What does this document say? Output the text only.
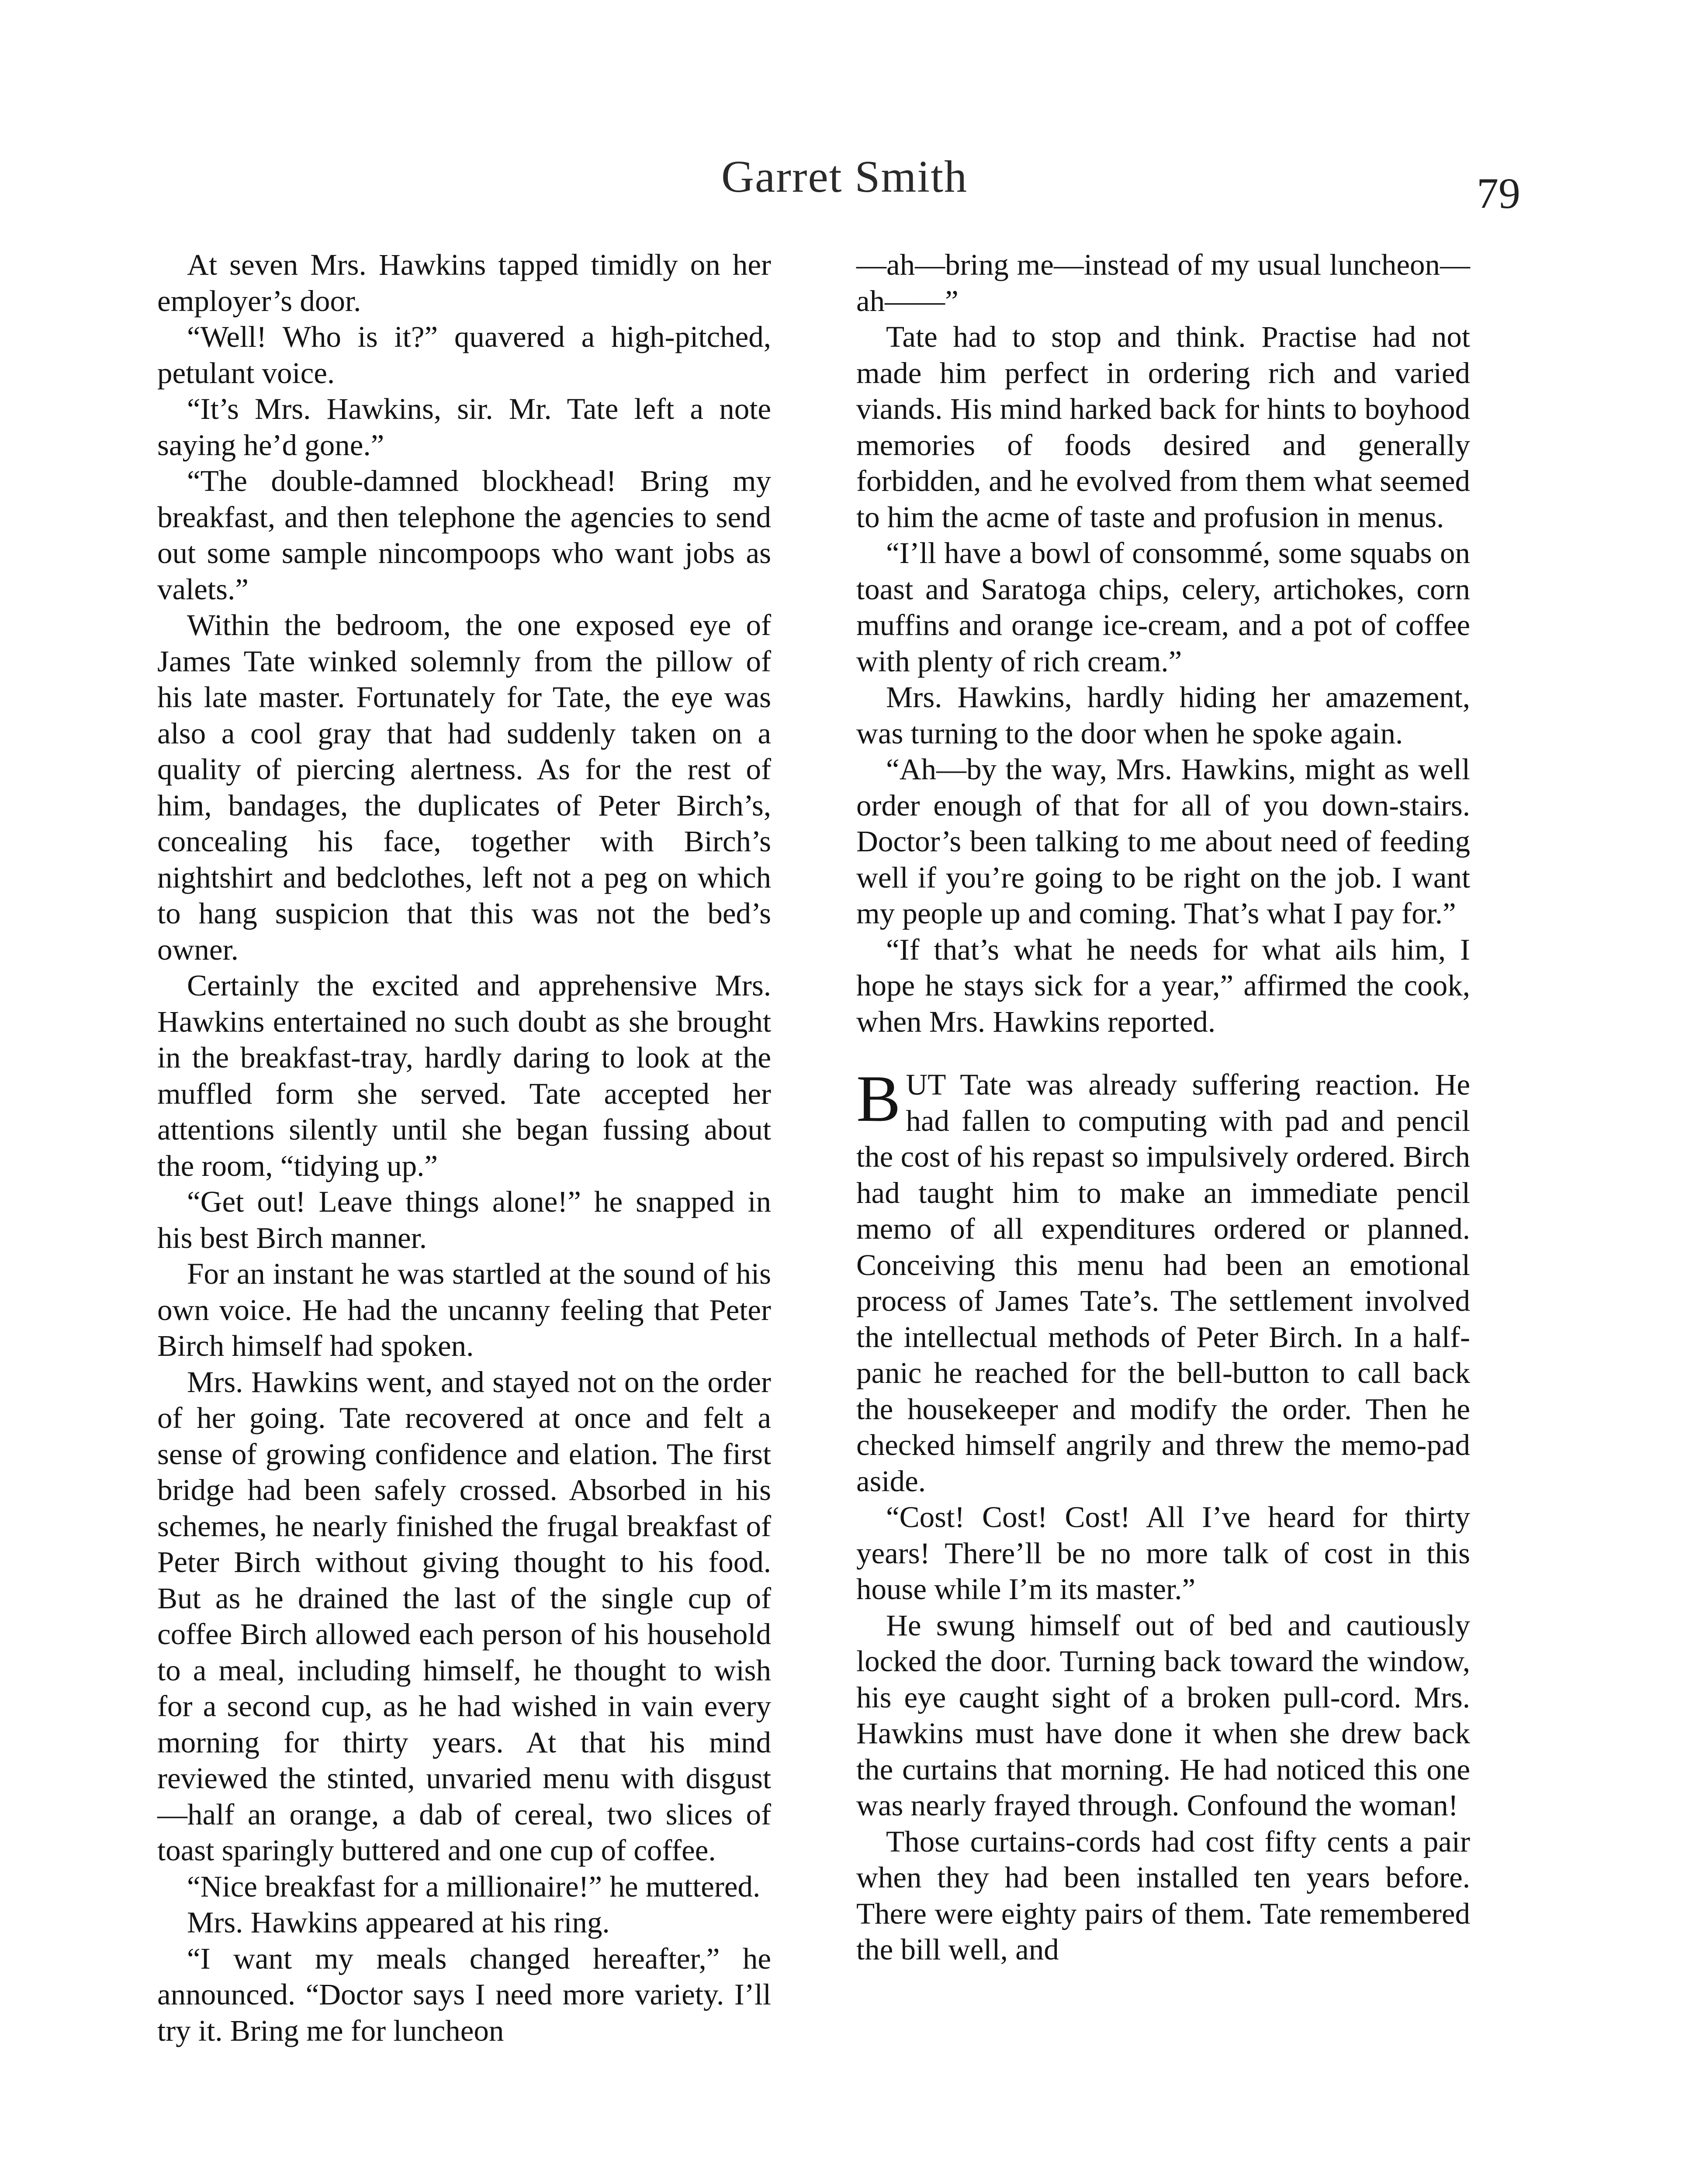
Garret Smith	79

At seven Mrs. Hawkins tapped timidly on her employer’s door.

“Well! Who is it?” quavered a high-pitched, petulant voice.

“It’s Mrs. Hawkins, sir. Mr. Tate left a note saying he’d gone.”

“The double-damned blockhead! Bring my breakfast, and then telephone the agencies to send out some sample nincompoops who want jobs as valets.”

Within the bedroom, the one exposed eye of James Tate winked solemnly from the pillow of his late master. Fortunately for Tate, the eye was also a cool gray that had suddenly taken on a quality of piercing alertness. As for the rest of him, bandages, the duplicates of Peter Birch’s, concealing his face, together with Birch’s nightshirt and bedclothes, left not a peg on which to hang suspicion that this was not the bed’s owner.

Certainly the excited and apprehensive Mrs. Hawkins entertained no such doubt as she brought in the breakfast-tray, hardly daring to look at the muffled form she served. Tate accepted her attentions silently until she began fussing about the room, “tidying up.”

“Get out! Leave things alone!” he snapped in his best Birch manner.

For an instant he was startled at the sound of his own voice. He had the uncanny feeling that Peter Birch himself had spoken.

Mrs. Hawkins went, and stayed not on the order of her going. Tate recovered at once and felt a sense of growing confidence and elation. The first bridge had been safely crossed. Absorbed in his schemes, he nearly finished the frugal breakfast of Peter Birch without giving thought to his food. But as he drained the last of the single cup of coffee Birch allowed each person of his household to a meal, including himself, he thought to wish for a second cup, as he had wished in vain every morning for thirty years. At that his mind reviewed the stinted, unvaried menu with disgust—half an orange, a dab of cereal, two slices of toast sparingly buttered and one cup of coffee.

“Nice breakfast for a millionaire!” he muttered.

Mrs. Hawkins appeared at his ring.

“I want my meals changed hereafter,” he announced. “Doctor says I need more variety. I’ll try it. Bring me for luncheon

—ah—bring me—instead of my usual luncheon—ah——”

Tate had to stop and think. Practise had not made him perfect in ordering rich and varied viands. His mind harked back for hints to boyhood memories of foods desired and generally forbidden, and he evolved from them what seemed to him the acme of taste and profusion in menus.

“I’ll have a bowl of consommé, some squabs on toast and Saratoga chips, celery, artichokes, corn muffins and orange ice-cream, and a pot of coffee with plenty of rich cream.”

Mrs. Hawkins, hardly hiding her amazement, was turning to the door when he spoke again.

“Ah—by the way, Mrs. Hawkins, might as well order enough of that for all of you down-stairs. Doctor’s been talking to me about need of feeding well if you’re going to be right on the job. I want my people up and coming. That’s what I pay for.”

“If that’s what he needs for what ails him, I hope he stays sick for a year,” affirmed the cook, when Mrs. Hawkins reported.

BUT Tate was already suffering reaction. He had fallen to computing with pad and pencil the cost of his repast so impulsively ordered. Birch had taught him to make an immediate pencil memo of all expenditures ordered or planned. Conceiving this menu had been an emotional process of James Tate’s. The settlement involved the intellectual methods of Peter Birch. In a half-panic he reached for the bell-button to call back the housekeeper and modify the order. Then he checked himself angrily and threw the memo-pad aside.

“Cost! Cost! Cost! All I’ve heard for thirty years! There’ll be no more talk of cost in this house while I’m its master.”

He swung himself out of bed and cautiously locked the door. Turning back toward the window, his eye caught sight of a broken pull-cord. Mrs. Hawkins must have done it when she drew back the curtains that morning. He had noticed this one was nearly frayed through. Confound the woman!

Those curtains-cords had cost fifty cents a pair when they had been installed ten years before. There were eighty pairs of them. Tate remembered the bill well, and
